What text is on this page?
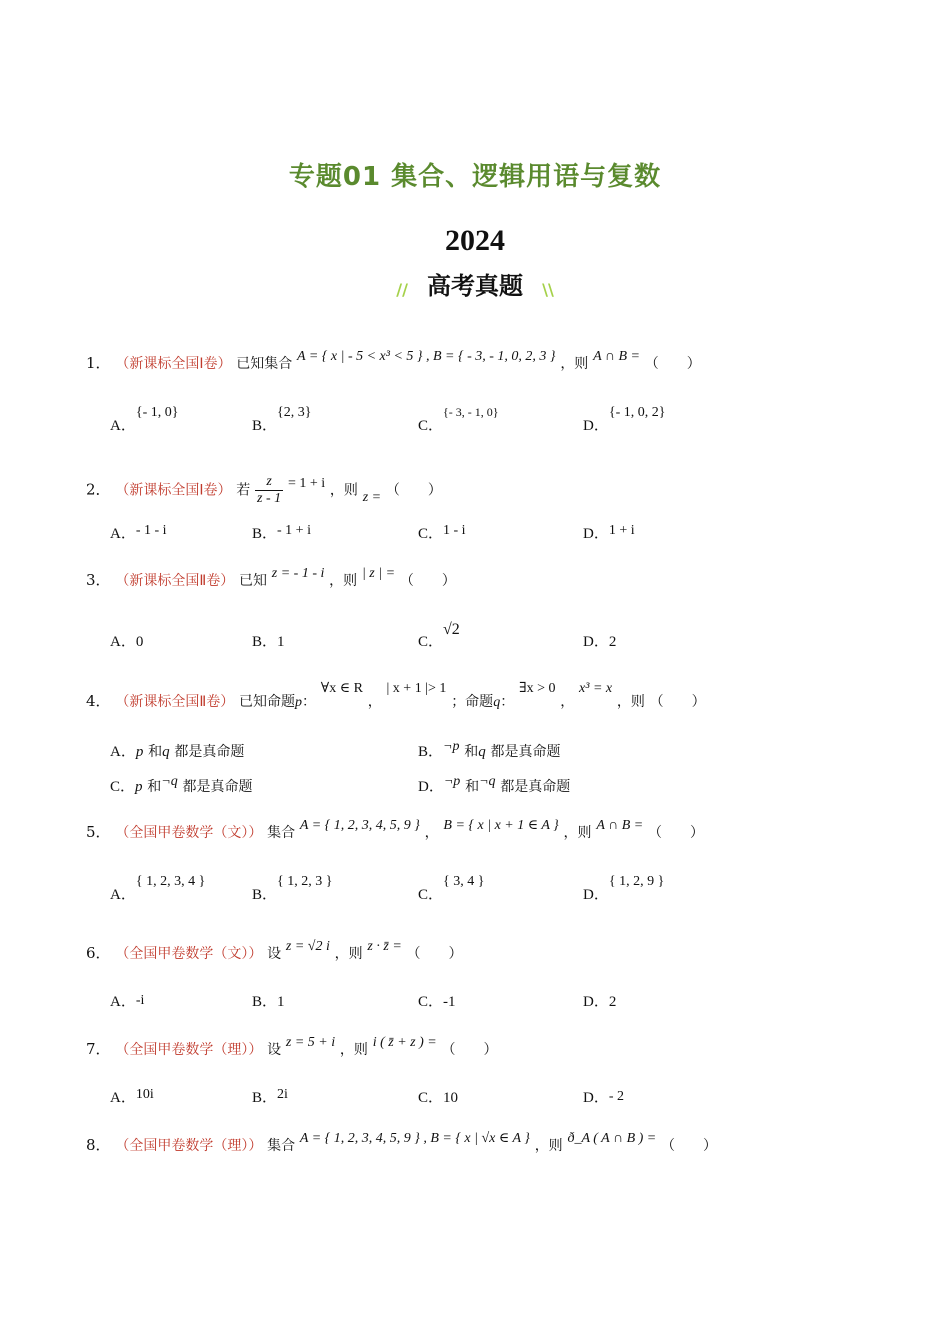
专题01 集合、逻辑用语与复数
2024
// 高考真题 \\
1． （新课标全国Ⅰ卷） 已知集合 A = { x | - 5 < x³ < 5 } , B = { - 3, - 1, 0, 2, 3 } ，则 A ∩ B = （　　）
A．{- 1, 0}
B．{2, 3}
C．$^{\{- 3, - 1, 0\}}$
D．{- 1, 0, 2}
2． （新课标全国Ⅰ卷） 若 $\frac{z}{z - 1} = 1 + i$ ，则 z = （　　）
A．- 1 - i	B．- 1 + i	C．1 - i	D．1 + i
3． （新课标全国Ⅱ卷） 已知 z = - 1 - i ，则 | z | = （　　）
A．0	B．1	C．√2
D．2
4． （新课标全国Ⅱ卷） 已知命题p： ∀x ∈ R ， | x + 1 |> 1 ；命题q： ∃x > 0 ， x³ = x ，则 （　　）
A．p 和q 都是真命题	B．¬p 和q 都是真命题
C．p 和¬q 都是真命题	D．¬p 和¬q 都是真命题
5． （全国甲卷数学（文）） 集合 A = { 1, 2, 3, 4, 5, 9 } ， B = { x | x + 1 ∈ A } ，则 A ∩ B = （　　）
A．{ 1, 2, 3, 4 }
B．{ 1, 2, 3 }
C．{ 3, 4 }
D．{ 1, 2, 9 }
6． （全国甲卷数学（文）） 设 z = √2 i ，则 z · z̄ = （　　）
A．-i	B．1	C．-1	D．2
7． （全国甲卷数学（理）） 设 z = 5 + i ，则 i ( z̄ + z ) = （　　）
A．10i	B．2i	C．10	D．- 2
8． （全国甲卷数学（理）） 集合 A = { 1, 2, 3, 4, 5, 9 } , B = { x | √x ∈ A } ，则 ð_A ( A ∩ B ) = （　　）
